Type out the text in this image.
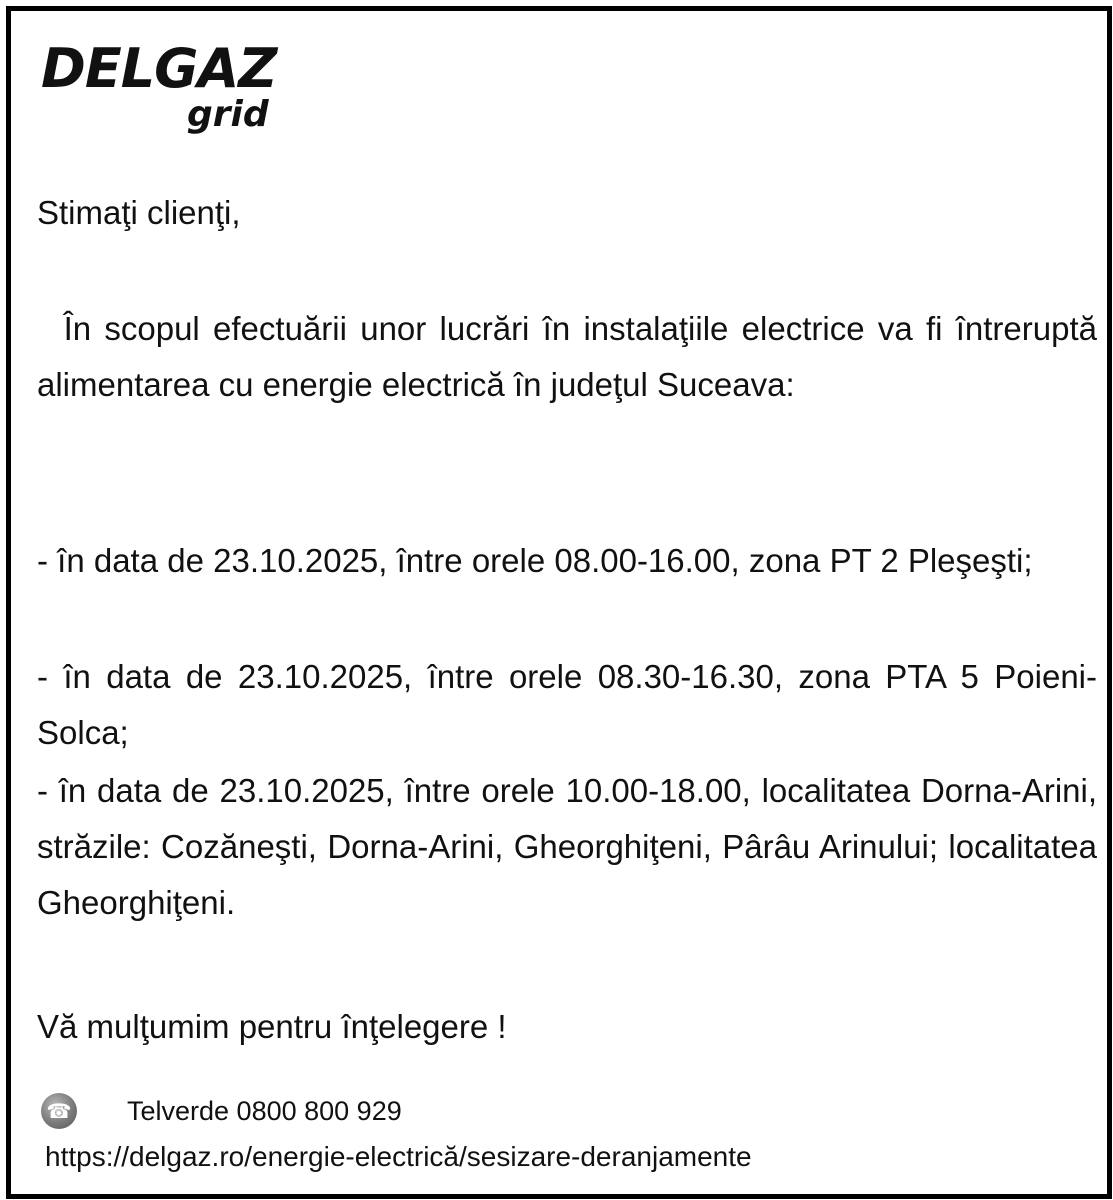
DELGAZ
grid
Stimaţi clienţi,
În scopul efectuării unor lucrări în instalaţiile electrice va fi întreruptă alimentarea cu energie electrică în judeţul Suceava:
- în data de 23.10.2025, între orele 08.00-16.00, zona PT 2 Pleşeşti;
- în data de 23.10.2025, între orele 08.30-16.30, zona PTA 5 Poieni-Solca;
- în data de 23.10.2025, între orele 10.00-18.00, localitatea Dorna-Arini, străzile: Cozăneşti, Dorna-Arini, Gheorghiţeni, Pârâu Arinului; localitatea Gheorghiţeni.
Vă mulţumim pentru înţelegere !
☎ Telverde 0800 800 929
https://delgaz.ro/energie-electrică/sesizare-deranjamente
